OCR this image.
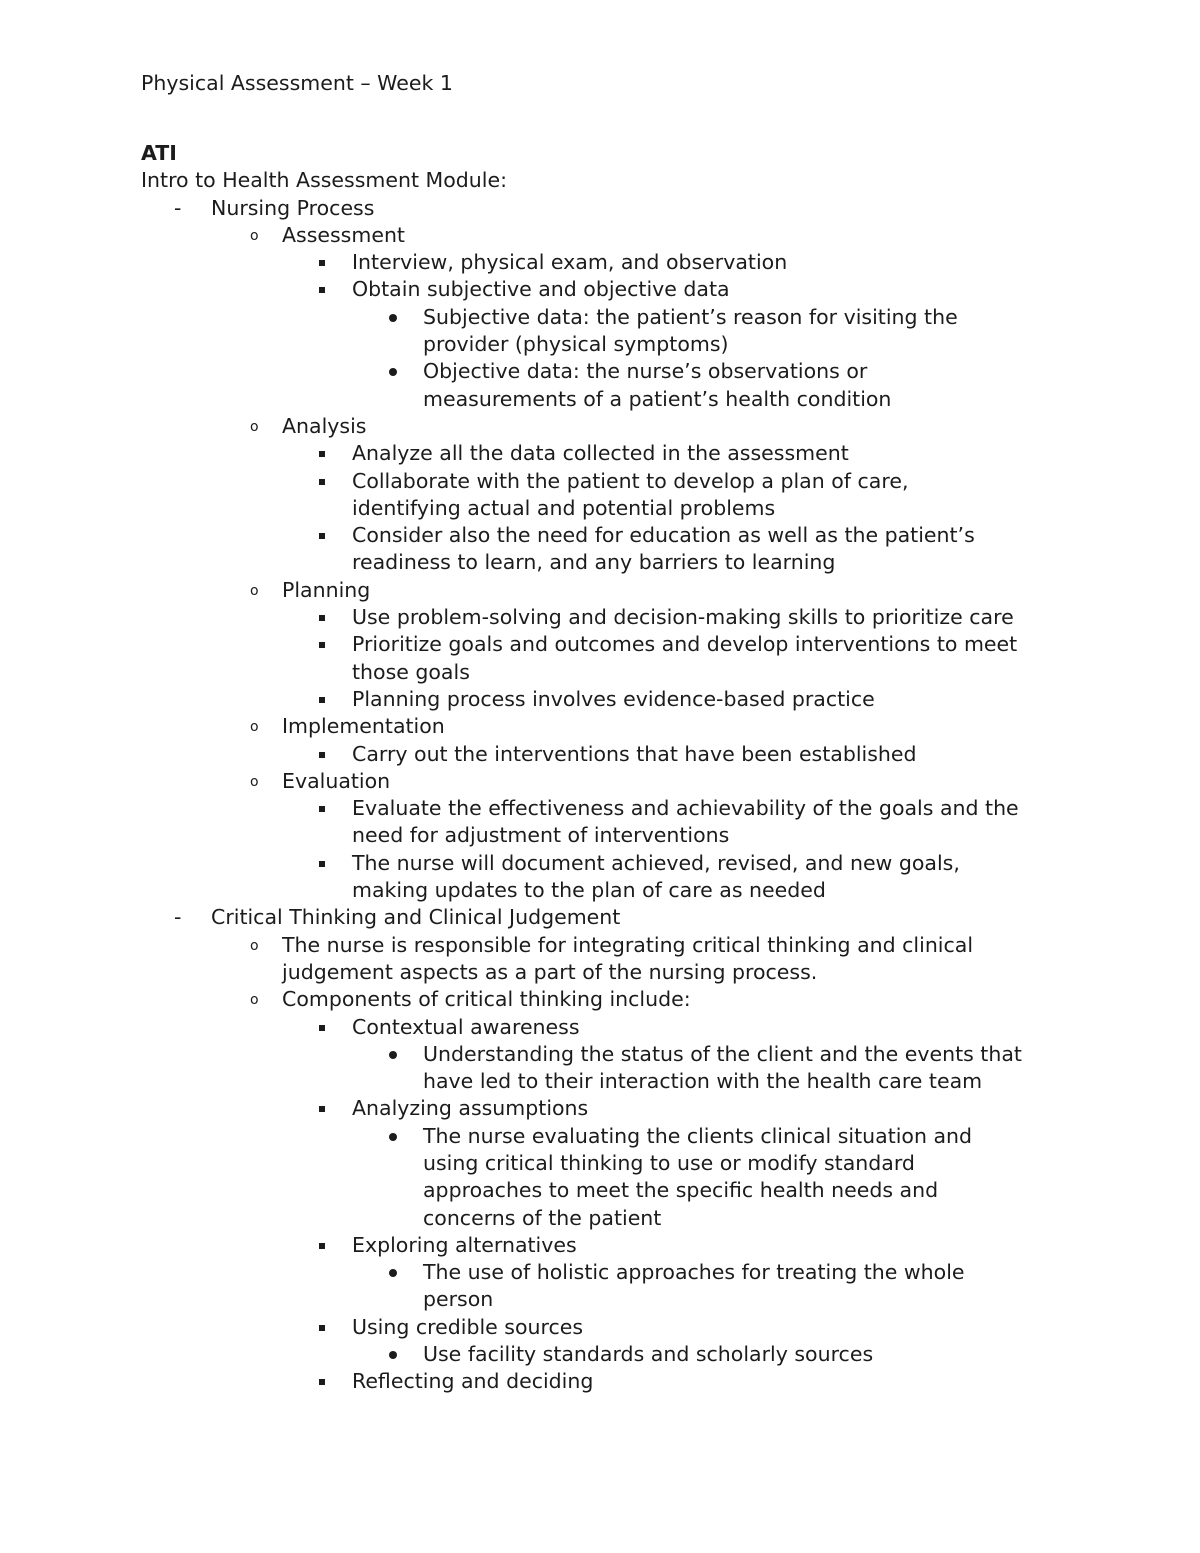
Physical Assessment – Week 1
ATI
Intro to Health Assessment Module:
- Nursing Process
o Assessment
Interview, physical exam, and observation
Obtain subjective and objective data
Subjective data: the patient’s reason for visiting the
provider (physical symptoms)
Objective data: the nurse’s observations or
measurements of a patient’s health condition
o Analysis
Analyze all the data collected in the assessment
Collaborate with the patient to develop a plan of care,
identifying actual and potential problems
Consider also the need for education as well as the patient’s
readiness to learn, and any barriers to learning
o Planning
Use problem-solving and decision-making skills to prioritize care
Prioritize goals and outcomes and develop interventions to meet
those goals
Planning process involves evidence-based practice
o Implementation
Carry out the interventions that have been established
o Evaluation
Evaluate the effectiveness and achievability of the goals and the
need for adjustment of interventions
The nurse will document achieved, revised, and new goals,
making updates to the plan of care as needed
- Critical Thinking and Clinical Judgement
o The nurse is responsible for integrating critical thinking and clinical
judgement aspects as a part of the nursing process.
o Components of critical thinking include:
Contextual awareness
Understanding the status of the client and the events that
have led to their interaction with the health care team
Analyzing assumptions
The nurse evaluating the clients clinical situation and
using critical thinking to use or modify standard
approaches to meet the specific health needs and
concerns of the patient
Exploring alternatives
The use of holistic approaches for treating the whole
person
Using credible sources
Use facility standards and scholarly sources
Reflecting and deciding
